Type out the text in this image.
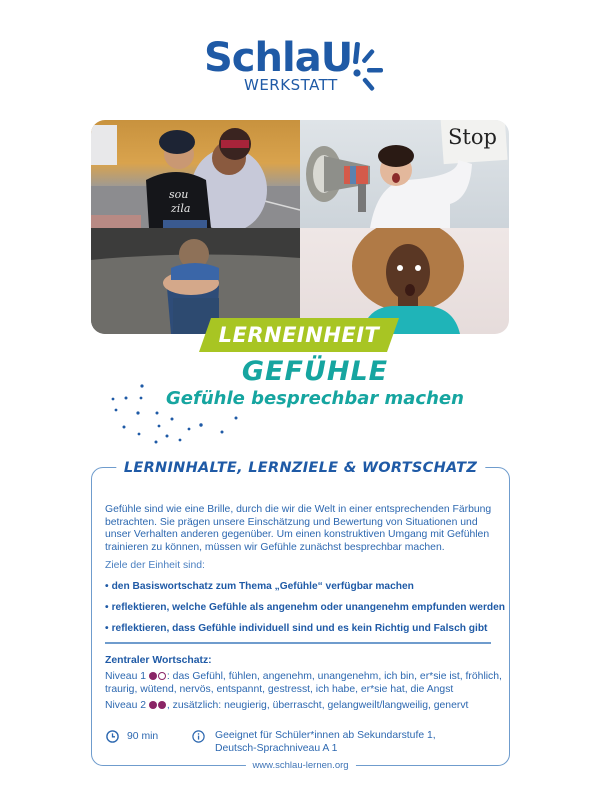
SchlaU
WERKSTATT
sou
zila
Stop
LERNEINHEIT
GEFÜHLE
Gefühle besprechbar machen
LERNINHALTE, LERNZIELE & WORTSCHATZ
Gefühle sind wie eine Brille, durch die wir die Welt in einer entsprechenden Färbung betrachten. Sie prägen unsere Einschätzung und Bewertung von Situationen und unser Verhalten anderen gegenüber. Um einen konstruktiven Umgang mit Gefühlen trainieren zu können, müssen wir Gefühle zunächst besprechbar machen.
Ziele der Einheit sind:
• den Basiswortschatz zum Thema „Gefühle“ verfügbar machen
• reflektieren, welche Gefühle als angenehm oder unangenehm empfunden werden
• reflektieren, dass Gefühle individuell sind und es kein Richtig und Falsch gibt
Zentraler Wortschatz:
Niveau 1 : das Gefühl, fühlen, angenehm, unangenehm, ich bin, er*sie ist, fröhlich, traurig, wütend, nervös, entspannt, gestresst, ich habe, er*sie hat, die Angst
Niveau 2 , zusätzlich: neugierig, überrascht, gelangweilt/langweilig, genervt
90 min	Geeignet für Schüler*innen ab Sekundarstufe 1,
Deutsch-Sprachniveau A 1
www.schlau-lernen.org
